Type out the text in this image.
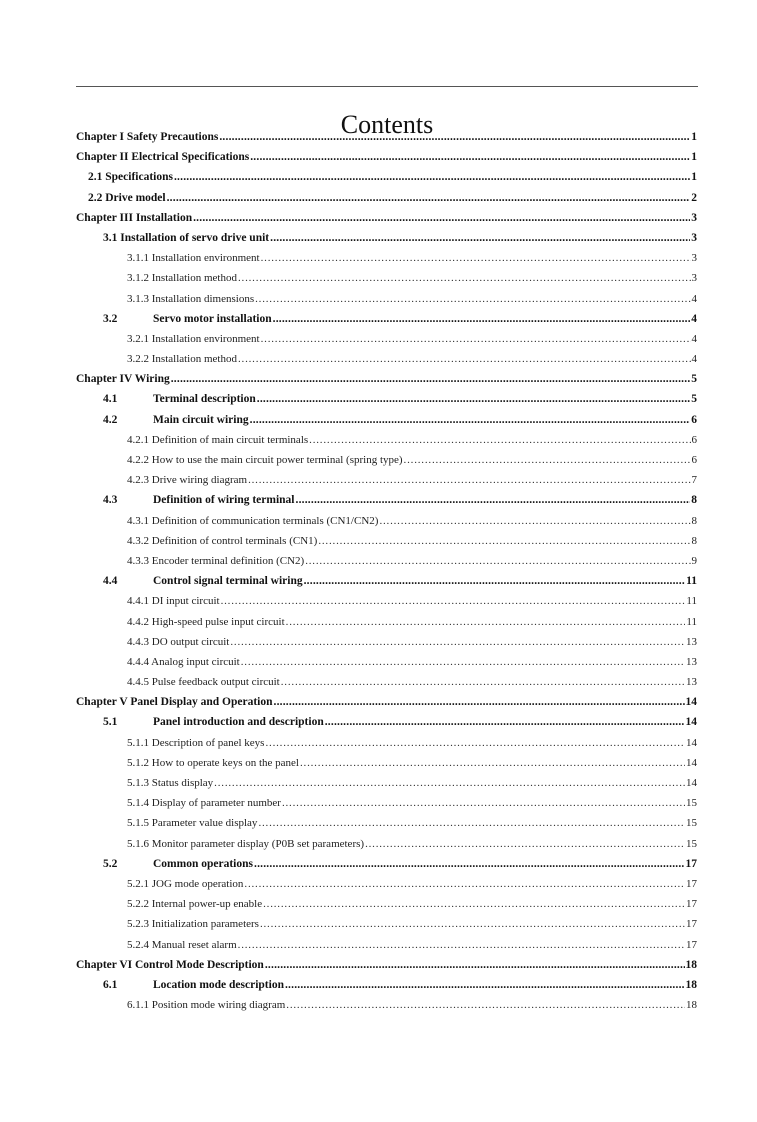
Contents
Chapter I Safety Precautions .....	1
Chapter II Electrical Specifications .....	1
2.1 Specifications .....	1
2.2 Drive model .....	2
Chapter III Installation .....	3
3.1 Installation of servo drive unit .....	3
3.1.1 Installation environment .....	3
3.1.2 Installation method .....	3
3.1.3 Installation dimensions .....	4
3.2	Servo motor installation .....	4
3.2.1 Installation environment .....	4
3.2.2 Installation method .....	4
Chapter IV Wiring .....	5
4.1	Terminal description .....	5
4.2	Main circuit wiring .....	6
4.2.1 Definition of main circuit terminals .....	6
4.2.2 How to use the main circuit power terminal (spring type) .....	6
4.2.3 Drive wiring diagram .....	7
4.3	Definition of wiring terminal .....	8
4.3.1 Definition of communication terminals (CN1/CN2) .....	8
4.3.2 Definition of control terminals (CN1) .....	8
4.3.3 Encoder terminal definition (CN2) .....	9
4.4	Control signal terminal wiring .....	11
4.4.1 DI input circuit .....	11
4.4.2 High-speed pulse input circuit .....	11
4.4.3 DO output circuit .....	13
4.4.4 Analog input circuit .....	13
4.4.5 Pulse feedback output circuit .....	13
Chapter V Panel Display and Operation .....	14
5.1	Panel introduction and description .....	14
5.1.1 Description of panel keys .....	14
5.1.2 How to operate keys on the panel .....	14
5.1.3 Status display .....	14
5.1.4 Display of parameter number .....	15
5.1.5 Parameter value display .....	15
5.1.6 Monitor parameter display (P0B set parameters) .....	15
5.2	Common operations .....	17
5.2.1 JOG mode operation .....	17
5.2.2 Internal power-up enable .....	17
5.2.3 Initialization parameters .....	17
5.2.4 Manual reset alarm .....	17
Chapter VI Control Mode Description .....	18
6.1	Location mode description .....	18
6.1.1 Position mode wiring diagram .....	18
